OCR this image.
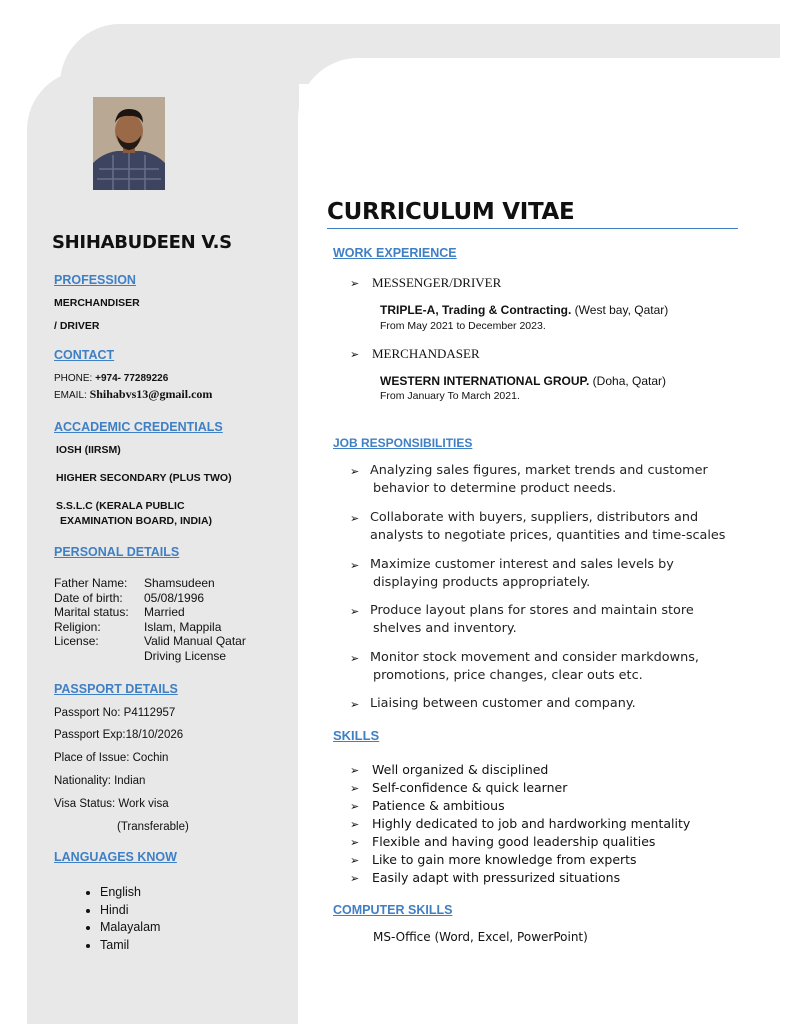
SHIHABUDEEN V.S
PROFESSION
MERCHANDISER
/ DRIVER
CONTACT
PHONE: +974- 77289226
EMAIL: Shihabvs13@gmail.com
ACCADEMIC CREDENTIALS
IOSH (IIRSM)
HIGHER SECONDARY (PLUS TWO)
S.S.L.C (KERALA PUBLIC
EXAMINATION BOARD, INDIA)
PERSONAL DETAILS
Father Name:	Shamsudeen
Date of birth:	05/08/1996
Marital status:	Married
Religion:	Islam, Mappila
License:	Valid Manual Qatar
	Driving License
PASSPORT DETAILS
Passport No: P4112957
Passport Exp:18/10/2026
Place of Issue: Cochin
Nationality: Indian
Visa Status: Work visa
(Transferable)
LANGUAGES KNOW
• English
• Hindi
• Malayalam
• Tamil
CURRICULUM VITAE
WORK EXPERIENCE
➢ MESSENGER/DRIVER
TRIPLE-A, Trading & Contracting. (West bay, Qatar)
From May 2021 to December 2023.
➢ MERCHANDASER
WESTERN INTERNATIONAL GROUP. (Doha, Qatar)
From January To March 2021.
JOB RESPONSIBILITIES
➢ Analyzing sales figures, market trends and customer
behavior to determine product needs.
➢ Collaborate with buyers, suppliers, distributors and
analysts to negotiate prices, quantities and time-scales
➢ Maximize customer interest and sales levels by
displaying products appropriately.
➢ Produce layout plans for stores and maintain store
shelves and inventory.
➢ Monitor stock movement and consider markdowns,
promotions, price changes, clear outs etc.
➢ Liaising between customer and company.
SKILLS
➢ Well organized & disciplined
➢ Self-confidence & quick learner
➢ Patience & ambitious
➢ Highly dedicated to job and hardworking mentality
➢ Flexible and having good leadership qualities
➢ Like to gain more knowledge from experts
➢ Easily adapt with pressurized situations
COMPUTER SKILLS
MS-Office (Word, Excel, PowerPoint)
